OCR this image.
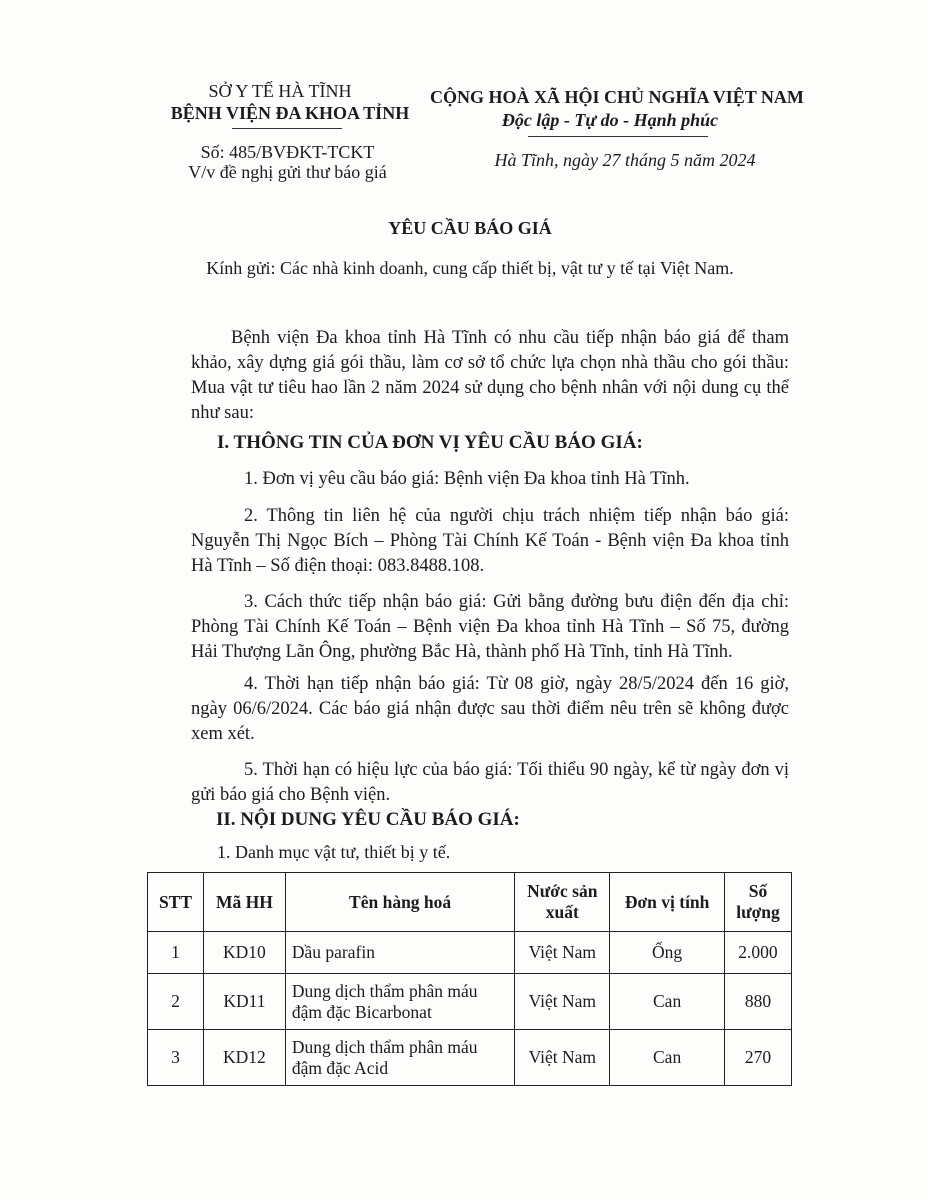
SỞ Y TẾ HÀ TĨNH
BỆNH VIỆN ĐA KHOA TỈNH
Số: 485/BVĐKT-TCKT
V/v đề nghị gửi thư báo giá
CỘNG HOÀ XÃ HỘI CHỦ NGHĨA VIỆT NAM
Độc lập - Tự do - Hạnh phúc
Hà Tĩnh, ngày 27 tháng 5 năm 2024
YÊU CẦU BÁO GIÁ
Kính gửi: Các nhà kinh doanh, cung cấp thiết bị, vật tư y tế tại Việt Nam.
Bệnh viện Đa khoa tỉnh Hà Tĩnh có nhu cầu tiếp nhận báo giá để tham khảo, xây dựng giá gói thầu, làm cơ sở tổ chức lựa chọn nhà thầu cho gói thầu: Mua vật tư tiêu hao lần 2 năm 2024 sử dụng cho bệnh nhân với nội dung cụ thể như sau:
I. THÔNG TIN CỦA ĐƠN VỊ YÊU CẦU BÁO GIÁ:
1. Đơn vị yêu cầu báo giá: Bệnh viện Đa khoa tỉnh Hà Tĩnh.
2. Thông tin liên hệ của người chịu trách nhiệm tiếp nhận báo giá: Nguyễn Thị Ngọc Bích – Phòng Tài Chính Kế Toán - Bệnh viện Đa khoa tỉnh Hà Tĩnh – Số điện thoại: 083.8488.108.
3. Cách thức tiếp nhận báo giá: Gửi bằng đường bưu điện đến địa chỉ: Phòng Tài Chính Kế Toán – Bệnh viện Đa khoa tỉnh Hà Tĩnh – Số 75, đường Hải Thượng Lãn Ông, phường Bắc Hà, thành phố Hà Tĩnh, tỉnh Hà Tĩnh.
4. Thời hạn tiếp nhận báo giá: Từ 08 giờ, ngày 28/5/2024 đến 16 giờ, ngày 06/6/2024. Các báo giá nhận được sau thời điểm nêu trên sẽ không được xem xét.
5. Thời hạn có hiệu lực của báo giá: Tối thiểu 90 ngày, kể từ ngày đơn vị gửi báo giá cho Bệnh viện.
II. NỘI DUNG YÊU CẦU BÁO GIÁ:
1. Danh mục vật tư, thiết bị y tế.
STT	Mã HH	Tên hàng hoá	Nước sản xuất	Đơn vị tính	Số lượng
1	KD10	Dầu parafin	Việt Nam	Ống	2.000
2	KD11	Dung dịch thẩm phân máu đậm đặc Bicarbonat	Việt Nam	Can	880
3	KD12	Dung dịch thẩm phân máu đậm đặc Acid	Việt Nam	Can	270
